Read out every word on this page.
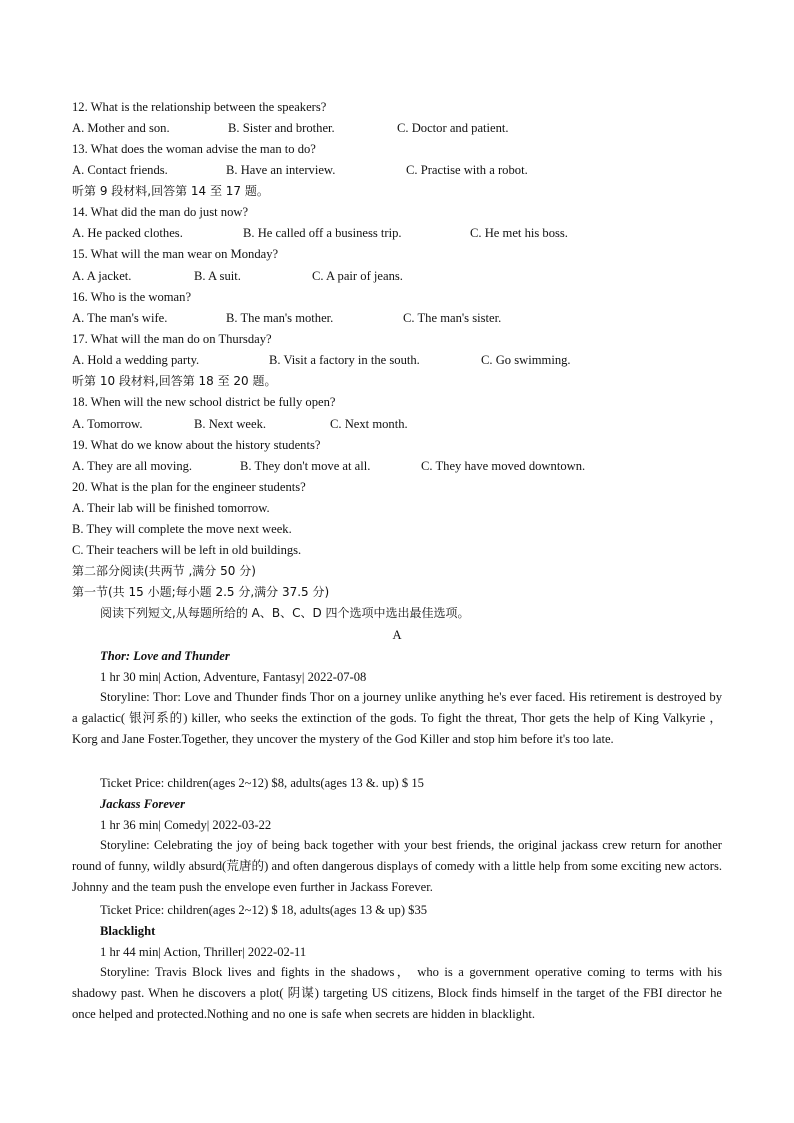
12. What is the relationship between the speakers?
A. Mother and son.	B. Sister and brother.	C. Doctor and patient.
13. What does the woman advise the man to do?
A. Contact friends.	B. Have an interview.	C. Practise with a robot.
听第 9 段材料,回答第 14 至 17 题。
14. What did the man do just now?
A. He packed clothes.	B. He called off a business trip.	C. He met his boss.
15. What will the man wear on Monday?
A. A jacket.	B. A suit.	C. A pair of jeans.
16. Who is the woman?
A. The man's wife.	B. The man's mother.	C. The man's sister.
17. What will the man do on Thursday?
A. Hold a wedding party.	B. Visit a factory in the south.	C. Go swimming.
听第 10 段材料,回答第 18 至 20 题。
18. When will the new school district be fully open?
A. Tomorrow.	B. Next week.	C. Next month.
19. What do we know about the history students?
A. They are all moving.	B. They don't move at all.	C. They have moved downtown.
20. What is the plan for the engineer students?
A. Their lab will be finished tomorrow.
B. They will complete the move next week.
C. Their teachers will be left in old buildings.
第二部分阅读(共两节 ,满分 50 分)
第一节(共 15 小题;每小题 2.5 分,满分 37.5 分)
阅读下列短文,从每题所给的 A、B、C、D 四个选项中选出最佳选项。
A
Thor: Love and Thunder
1 hr 30 min| Action, Adventure, Fantasy| 2022-07-08
Storyline: Thor: Love and Thunder finds Thor on a journey unlike anything he's ever faced. His retirement is destroyed by a galactic( 银河系的) killer, who seeks the extinction of the gods. To fight the threat, Thor gets the help of King Valkyrie ，Korg and Jane Foster.Together, they uncover the mystery of the God Killer and stop him before it's too late.
Ticket Price: children(ages 2~12) $8, adults(ages 13 &. up) $ 15
Jackass Forever
1 hr 36 min| Comedy| 2022-03-22
Storyline: Celebrating the joy of being back together with your best friends, the original jackass crew return for another round of funny, wildly absurd(荒唐的) and often dangerous displays of comedy with a little help from some exciting new actors. Johnny and the team push the envelope even further in Jackass Forever.
Ticket Price: children(ages 2~12) $ 18, adults(ages 13 & up) $35
Blacklight
1 hr 44 min| Action, Thriller| 2022-02-11
Storyline: Travis Block lives and fights in the shadows， who is a government operative coming to terms with his shadowy past. When he discovers a plot( 阴谋) targeting US citizens, Block finds himself in the target of the FBI director he once helped and protected.Nothing and no one is safe when secrets are hidden in blacklight.
